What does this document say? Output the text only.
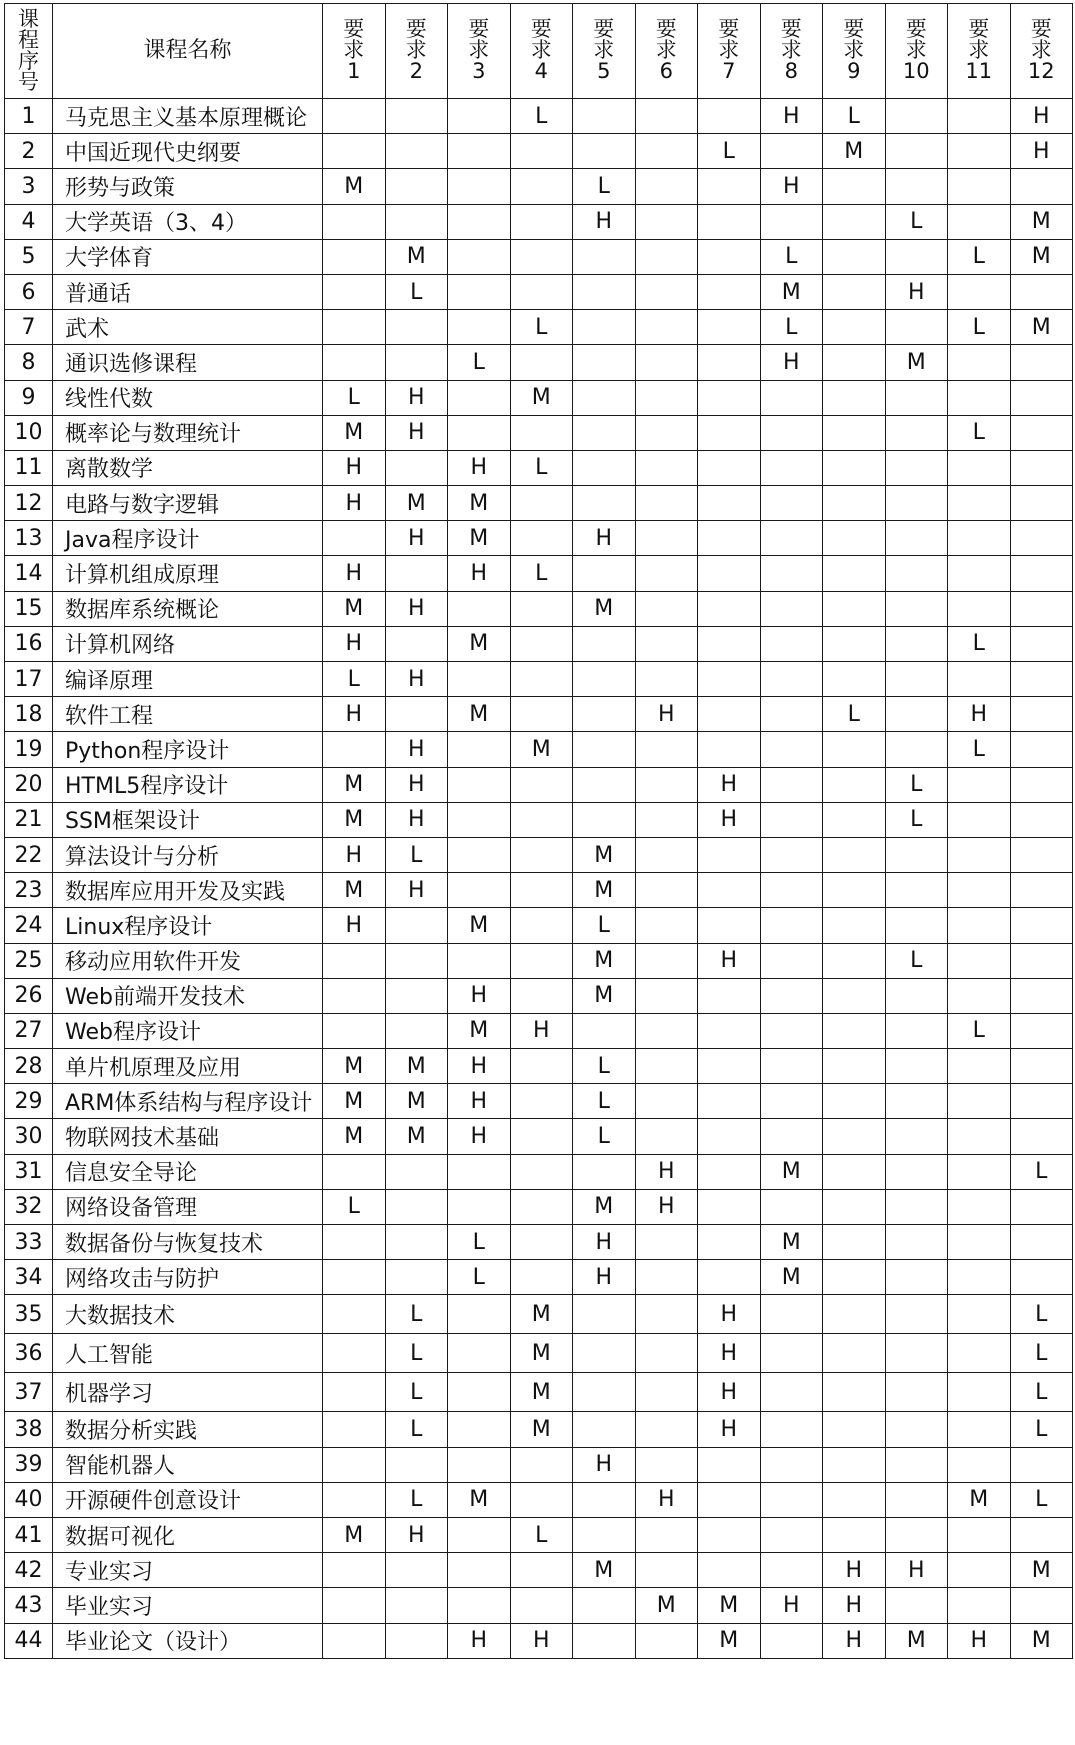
课
程
序
号	课程名称	要
求
1	要
求
2	要
求
3	要
求
4	要
求
5	要
求
6	要
求
7	要
求
8	要
求
9	要
求
10	要
求
11	要
求
12

1	马克思主义基本原理概论				L				H	L			H
2	中国近现代史纲要							L		M			H
3	形势与政策	M				L			H				
4	大学英语（3、4）					H					L		M
5	大学体育		M						L			L	M
6	普通话		L						M		H		
7	武术				L				L			L	M
8	通识选修课程			L					H		M		
9	线性代数	L	H		M								
10	概率论与数理统计	M	H									L	
11	离散数学	H		H	L								
12	电路与数字逻辑	H	M	M									
13	Java程序设计		H	M		H							
14	计算机组成原理	H		H	L								
15	数据库系统概论	M	H			M							
16	计算机网络	H		M								L	
17	编译原理	L	H										
18	软件工程	H		M			H			L		H	
19	Python程序设计		H		M							L	
20	HTML5程序设计	M	H					H			L		
21	SSM框架设计	M	H					H			L		
22	算法设计与分析	H	L			M							
23	数据库应用开发及实践	M	H			M							
24	Linux程序设计	H		M		L							
25	移动应用软件开发					M		H			L		
26	Web前端开发技术			H		M							
27	Web程序设计			M	H							L	
28	单片机原理及应用	M	M	H		L							
29	ARM体系结构与程序设计	M	M	H		L							
30	物联网技术基础	M	M	H		L							
31	信息安全导论						H		M				L
32	网络设备管理	L				M	H						
33	数据备份与恢复技术			L		H			M				
34	网络攻击与防护			L		H			M				
35	大数据技术		L		M			H					L
36	人工智能		L		M			H					L
37	机器学习		L		M			H					L
38	数据分析实践		L		M			H					L
39	智能机器人					H							
40	开源硬件创意设计		L	M			H					M	L
41	数据可视化	M	H		L								
42	专业实习					M				H	H		M
43	毕业实习						M	M	H	H			
44	毕业论文（设计）			H	H			M		H	M	H	M
